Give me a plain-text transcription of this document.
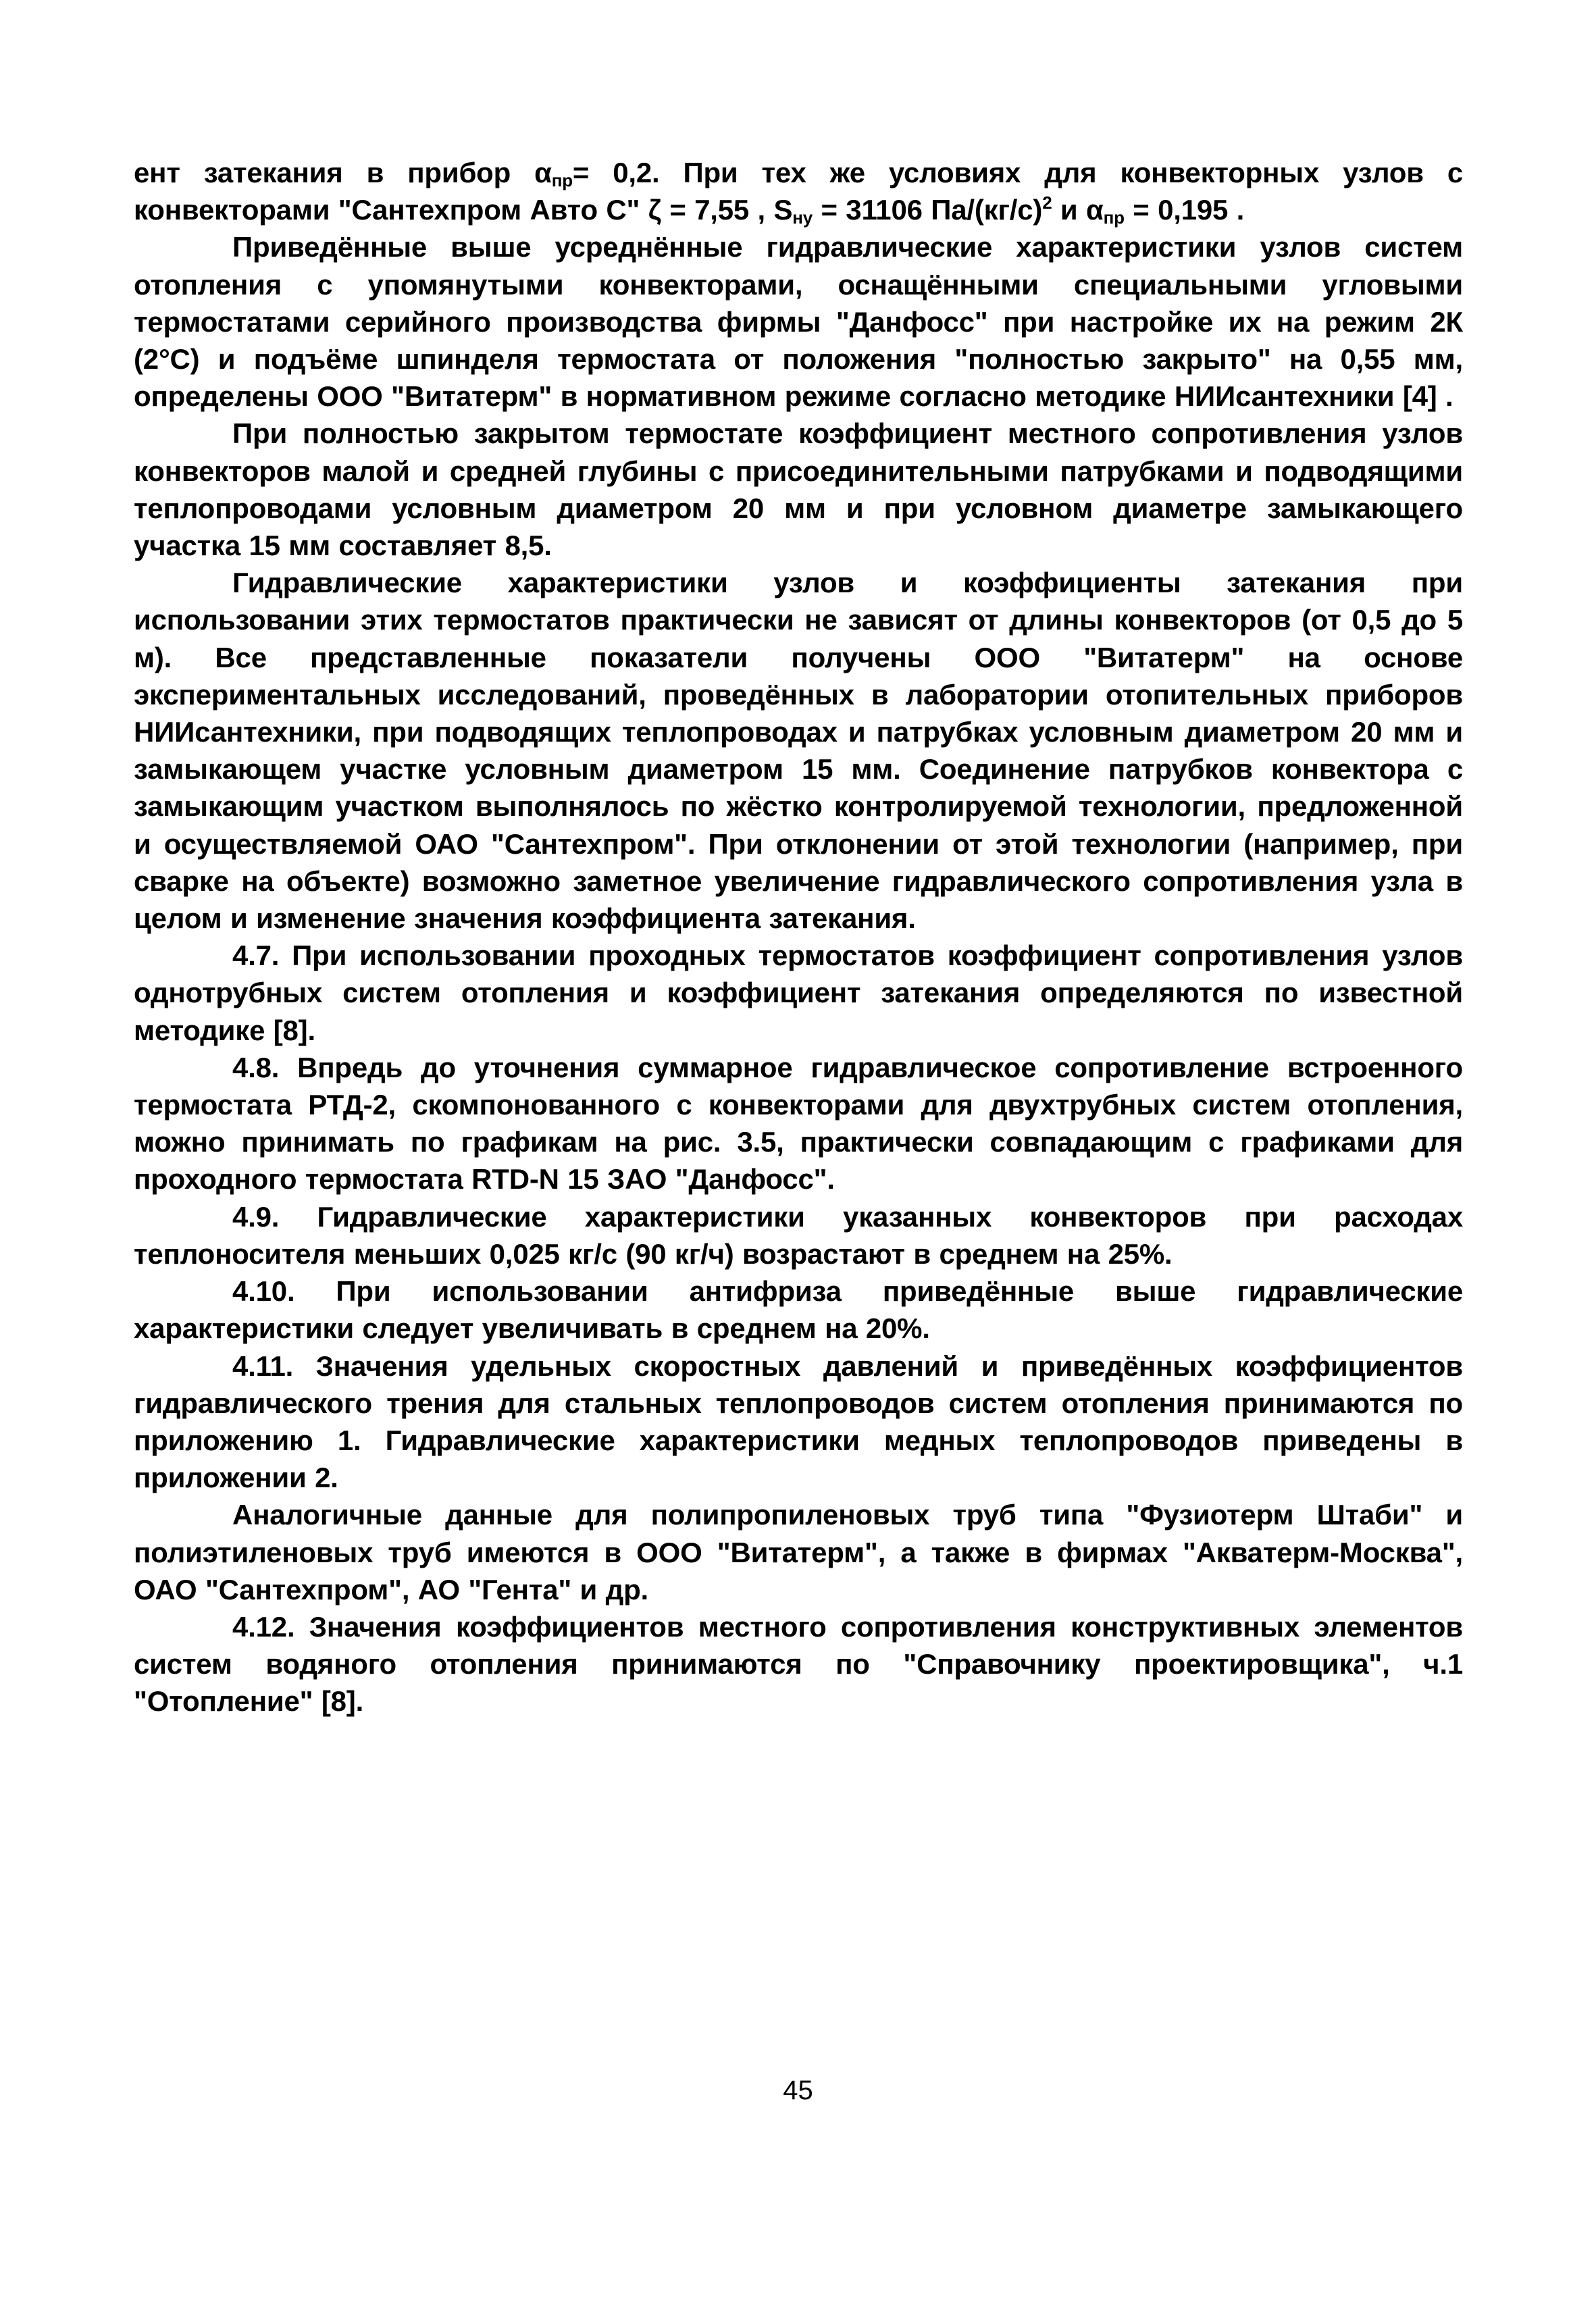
ент затекания в прибор $\alpha_{пр}= 0,2$. При тех же условиях для конвекторных узлов с конвекторами "Сантехпром Авто С" ζ = 7,55 , $S_{ну} = 31106$ $Па/(кг/с)^2$ и $\alpha_{пр} = 0,195$ .

Приведённые выше усреднённые гидравлические характеристики узлов систем отопления с упомянутыми конвекторами, оснащёнными специальными угловыми термостатами серийного производства фирмы "Данфосс" при настройке их на режим 2К (2°С) и подъёме шпинделя термостата от положения "полностью закрыто" на 0,55 мм, определены ООО "Витатерм" в нормативном режиме согласно методике НИИсантехники [4] .

При полностью закрытом термостате коэффициент местного сопротивления узлов конвекторов малой и средней глубины с присоединительными патрубками и подводящими теплопроводами условным диаметром 20 мм и при условном диаметре замыкающего участка 15 мм составляет 8,5.

Гидравлические характеристики узлов и коэффициенты затекания при использовании этих термостатов практически не зависят от длины конвекторов (от 0,5 до 5 м). Все представленные показатели получены ООО "Витатерм" на основе экспериментальных исследований, проведённых в лаборатории отопительных приборов НИИсантехники, при подводящих теплопроводах и патрубках условным диаметром 20 мм и замыкающем участке условным диаметром 15 мм. Соединение патрубков конвектора с замыкающим участком выполнялось по жёстко контролируемой технологии, предложенной и осуществляемой ОАО "Сантехпром". При отклонении от этой технологии (например, при сварке на объекте) возможно заметное увеличение гидравлического сопротивления узла в целом и изменение значения коэффициента затекания.

4.7. При использовании проходных термостатов коэффициент сопротивления узлов однотрубных систем отопления и коэффициент затекания определяются по известной методике [8].

4.8. Впредь до уточнения суммарное гидравлическое сопротивление встроенного термостата РТД-2, скомпонованного с конвекторами для двухтрубных систем отопления, можно принимать по графикам на рис. 3.5, практически совпадающим с графиками для проходного термостата RTD-N 15 ЗАО "Данфосс".

4.9. Гидравлические характеристики указанных конвекторов при расходах теплоносителя меньших 0,025 кг/с (90 кг/ч) возрастают в среднем на 25%.

4.10. При использовании антифриза приведённые выше гидравлические характеристики следует увеличивать в среднем на 20%.

4.11. Значения удельных скоростных давлений и приведённых коэффициентов гидравлического трения для стальных теплопроводов систем отопления принимаются по приложению 1. Гидравлические характеристики медных теплопроводов приведены в приложении 2.

Аналогичные данные для полипропиленовых труб типа "Фузиотерм Штаби" и полиэтиленовых труб имеются в ООО "Витатерм", а также в фирмах "Акватерм-Москва", ОАО "Сантехпром", АО "Гента" и др.

4.12. Значения коэффициентов местного сопротивления конструктивных элементов систем водяного отопления принимаются по "Справочнику проектировщика", ч.1 "Отопление" [8].

45
